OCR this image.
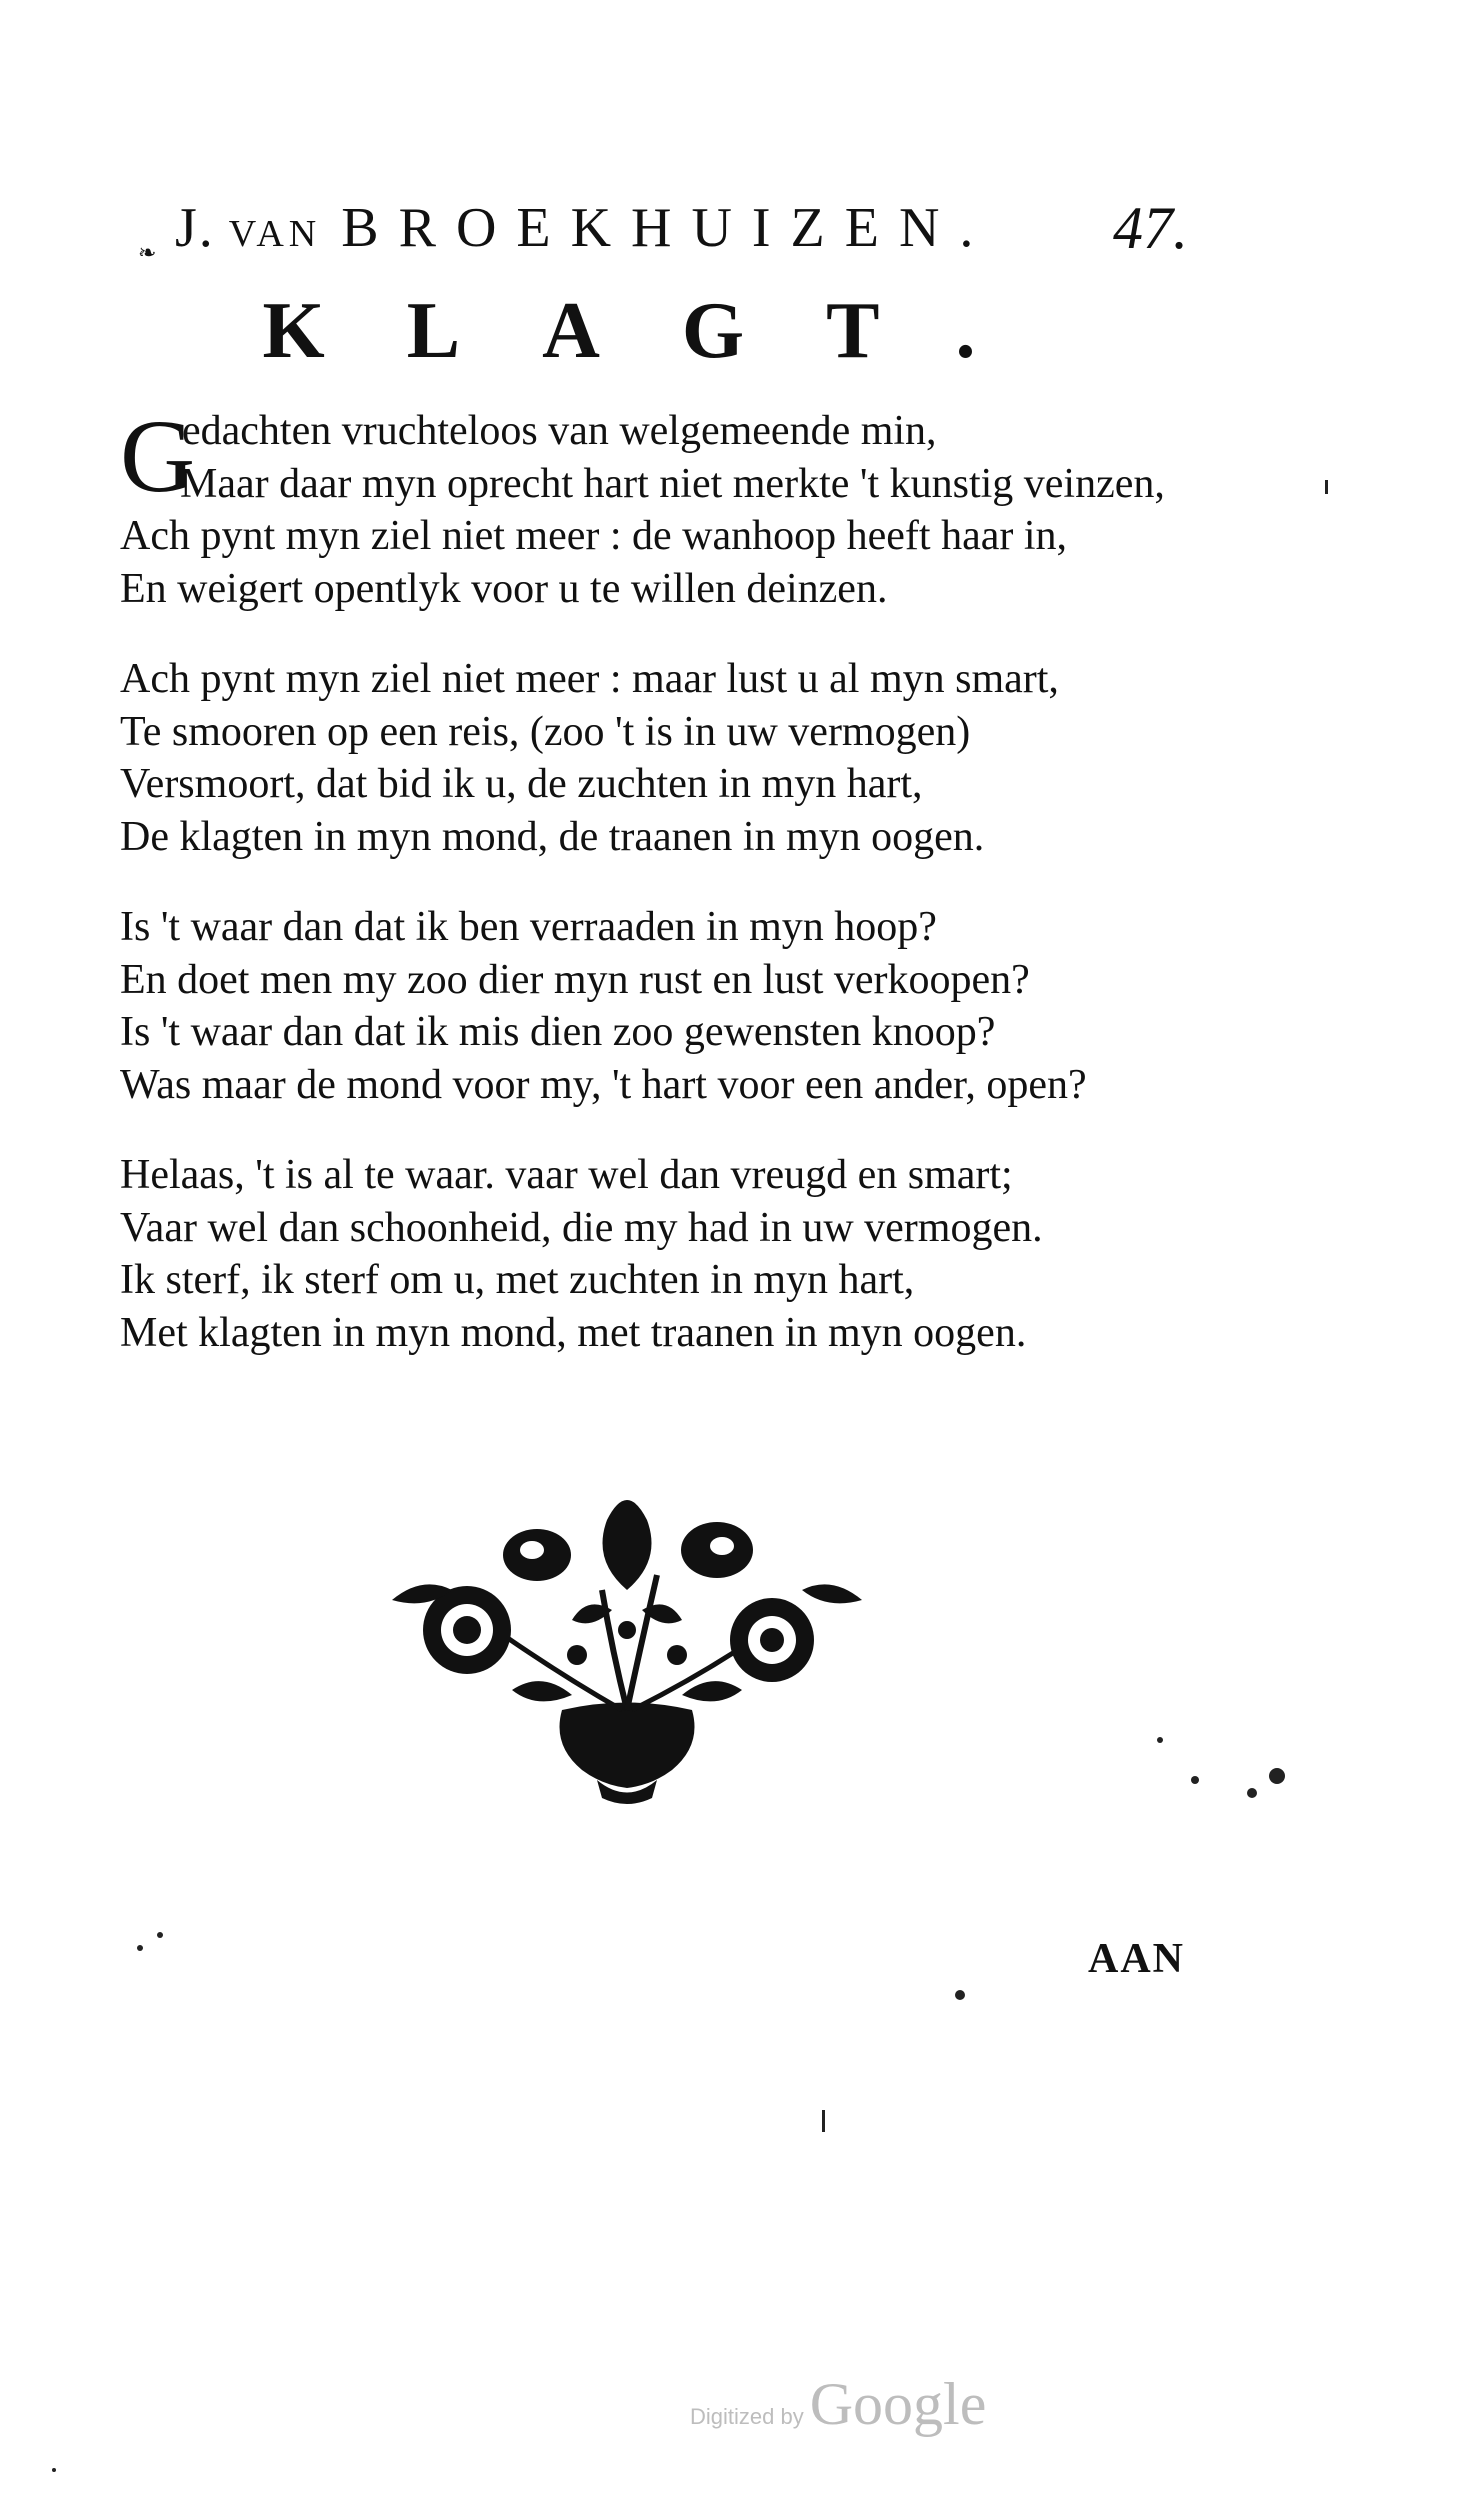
❧ J. VAN BROEKHUIZEN. 47.
KLAGT.
G
edachten vruchteloos van welgemeende min,
Maar daar myn oprecht hart niet merkte 't kunstig veinzen,
Ach pynt myn ziel niet meer : de wanhoop heeft haar in,
En weigert opentlyk voor u te willen deinzen.
Ach pynt myn ziel niet meer : maar lust u al myn smart,
Te smooren op een reis, (zoo 't is in uw vermogen)
Versmoort, dat bid ik u, de zuchten in myn hart,
De klagten in myn mond, de traanen in myn oogen.
Is 't waar dan dat ik ben verraaden in myn hoop?
En doet men my zoo dier myn rust en lust verkoopen?
Is 't waar dan dat ik mis dien zoo gewensten knoop?
Was maar de mond voor my, 't hart voor een ander, open?
Helaas, 't is al te waar. vaar wel dan vreugd en smart;
Vaar wel dan schoonheid, die my had in uw vermogen.
Ik sterf, ik sterf om u, met zuchten in myn hart,
Met klagten in myn mond, met traanen in myn oogen.
AAN
Digitized by Google
